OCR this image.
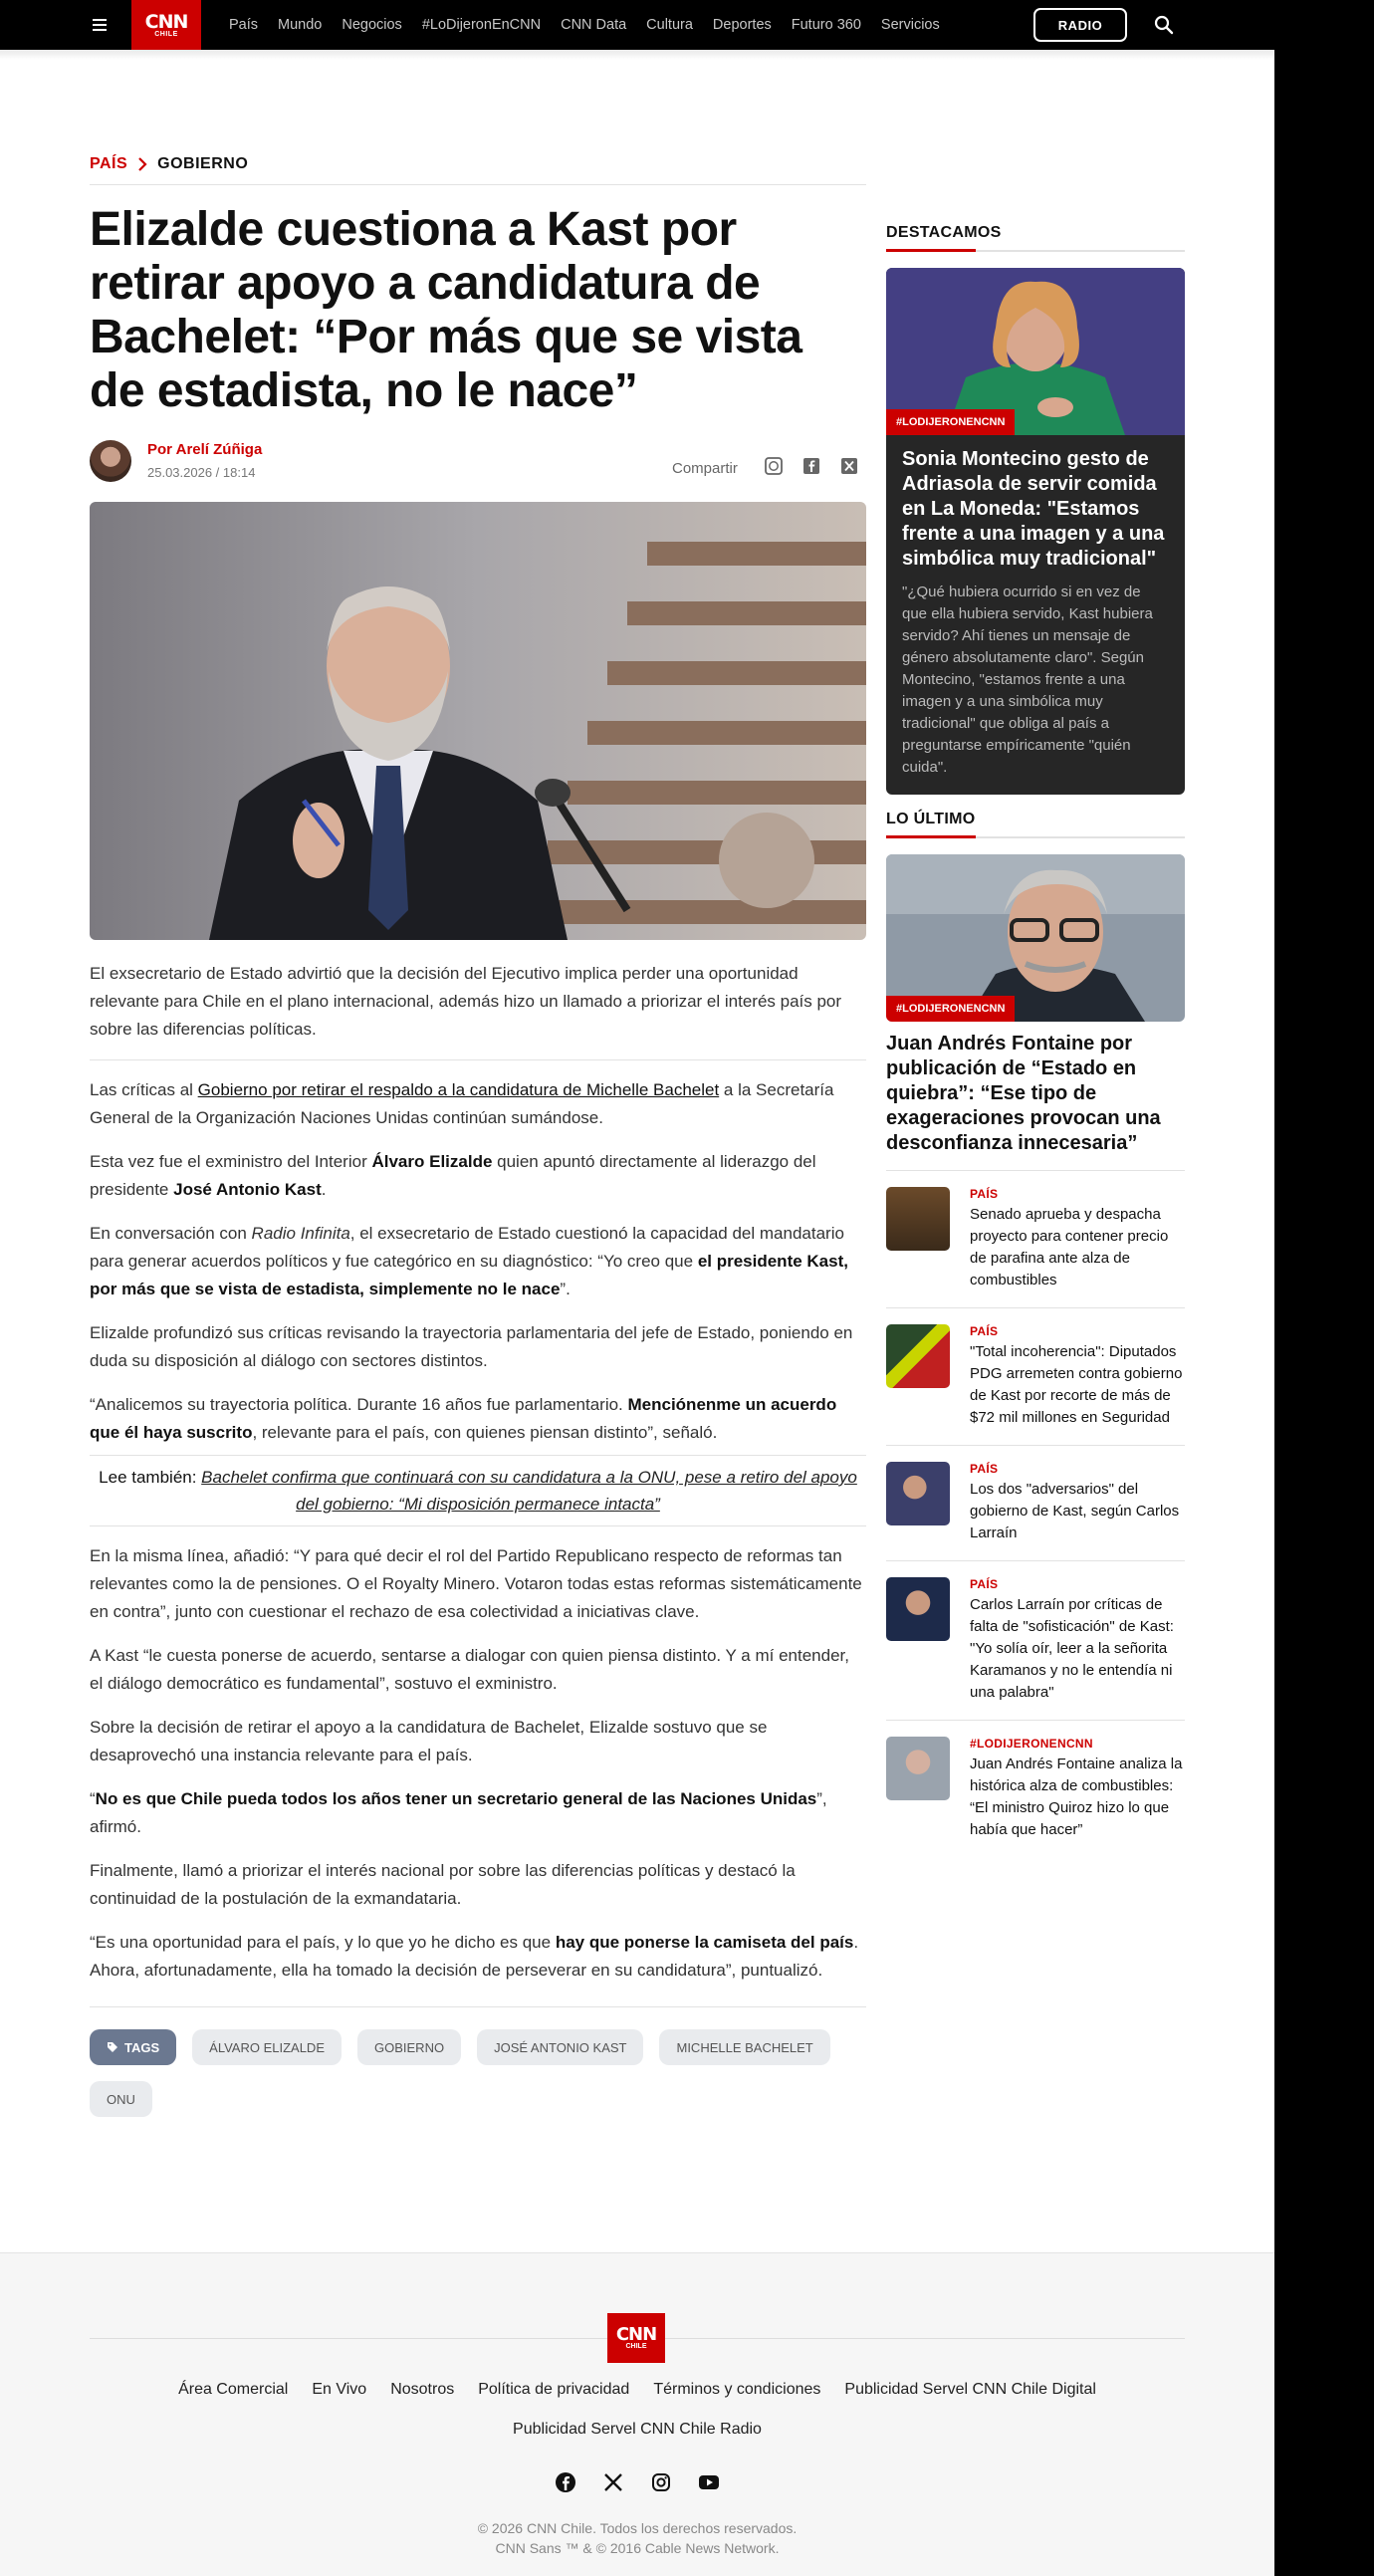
CNN
CHILE
País Mundo Negocios #LoDijeronEnCNN CNN Data Cultura Deportes Futuro 360 Servicios	RADIO
PAÍS GOBIERNO
Elizalde cuestiona a Kast por retirar apoyo a candidatura de Bachelet: “Por más que se vista de estadista, no le nace”
Por Arelí Zúñiga
25.03.2026 / 18:14	Compartir

El exsecretario de Estado advirtió que la decisión del Ejecutivo implica perder una oportunidad relevante para Chile en el plano internacional, además hizo un llamado a priorizar el interés país por sobre las diferencias políticas.

Las críticas al Gobierno por retirar el respaldo a la candidatura de Michelle Bachelet a la Secretaría General de la Organización Naciones Unidas continúan sumándose.

Esta vez fue el exministro del Interior Álvaro Elizalde quien apuntó directamente al liderazgo del presidente José Antonio Kast.

En conversación con Radio Infinita, el exsecretario de Estado cuestionó la capacidad del mandatario para generar acuerdos políticos y fue categórico en su diagnóstico: “Yo creo que el presidente Kast, por más que se vista de estadista, simplemente no le nace”.

Elizalde profundizó sus críticas revisando la trayectoria parlamentaria del jefe de Estado, poniendo en duda su disposición al diálogo con sectores distintos.

“Analicemos su trayectoria política. Durante 16 años fue parlamentario. Menciónenme un acuerdo que él haya suscrito, relevante para el país, con quienes piensan distinto”, señaló.

Lee también: Bachelet confirma que continuará con su candidatura a la ONU, pese a retiro del apoyo del gobierno: “Mi disposición permanece intacta”

En la misma línea, añadió: “Y para qué decir el rol del Partido Republicano respecto de reformas tan relevantes como la de pensiones. O el Royalty Minero. Votaron todas estas reformas sistemáticamente en contra”, junto con cuestionar el rechazo de esa colectividad a iniciativas clave.

A Kast “le cuesta ponerse de acuerdo, sentarse a dialogar con quien piensa distinto. Y a mí entender, el diálogo democrático es fundamental”, sostuvo el exministro.

Sobre la decisión de retirar el apoyo a la candidatura de Bachelet, Elizalde sostuvo que se desaprovechó una instancia relevante para el país.

“No es que Chile pueda todos los años tener un secretario general de las Naciones Unidas”, afirmó.

Finalmente, llamó a priorizar el interés nacional por sobre las diferencias políticas y destacó la continuidad de la postulación de la exmandataria.

“Es una oportunidad para el país, y lo que yo he dicho es que hay que ponerse la camiseta del país. Ahora, afortunadamente, ella ha tomado la decisión de perseverar en su candidatura”, puntualizó.

TAGS	ÁLVARO ELIZALDE	GOBIERNO	JOSÉ ANTONIO KAST	MICHELLE BACHELET
ONU
DESTACAMOS
#LODIJERONENCNN
Sonia Montecino gesto de Adriasola de servir comida en La Moneda: "Estamos frente a una imagen y a una simbólica muy tradicional"
"¿Qué hubiera ocurrido si en vez de que ella hubiera servido, Kast hubiera servido? Ahí tienes un mensaje de género absolutamente claro". Según Montecino, "estamos frente a una imagen y a una simbólica muy tradicional" que obliga al país a preguntarse empíricamente "quién cuida".
LO ÚLTIMO
#LODIJERONENCNN
Juan Andrés Fontaine por publicación de “Estado en quiebra”: “Ese tipo de exageraciones provocan una desconfianza innecesaria”
PAÍS
Senado aprueba y despacha proyecto para contener precio de parafina ante alza de combustibles
PAÍS
"Total incoherencia": Diputados PDG arremeten contra gobierno de Kast por recorte de más de $72 mil millones en Seguridad
PAÍS
Los dos "adversarios" del gobierno de Kast, según Carlos Larraín
PAÍS
Carlos Larraín por críticas de falta de "sofisticación" de Kast: "Yo solía oír, leer a la señorita Karamanos y no le entendía ni una palabra"
#LODIJERONENCNN
Juan Andrés Fontaine analiza la histórica alza de combustibles: “El ministro Quiroz hizo lo que había que hacer”
CNN
CHILE
Área Comercial En Vivo Nosotros Política de privacidad Términos y condiciones Publicidad Servel CNN Chile Digital
Publicidad Servel CNN Chile Radio
© 2026 CNN Chile. Todos los derechos reservados.
CNN Sans ™ & © 2016 Cable News Network.
